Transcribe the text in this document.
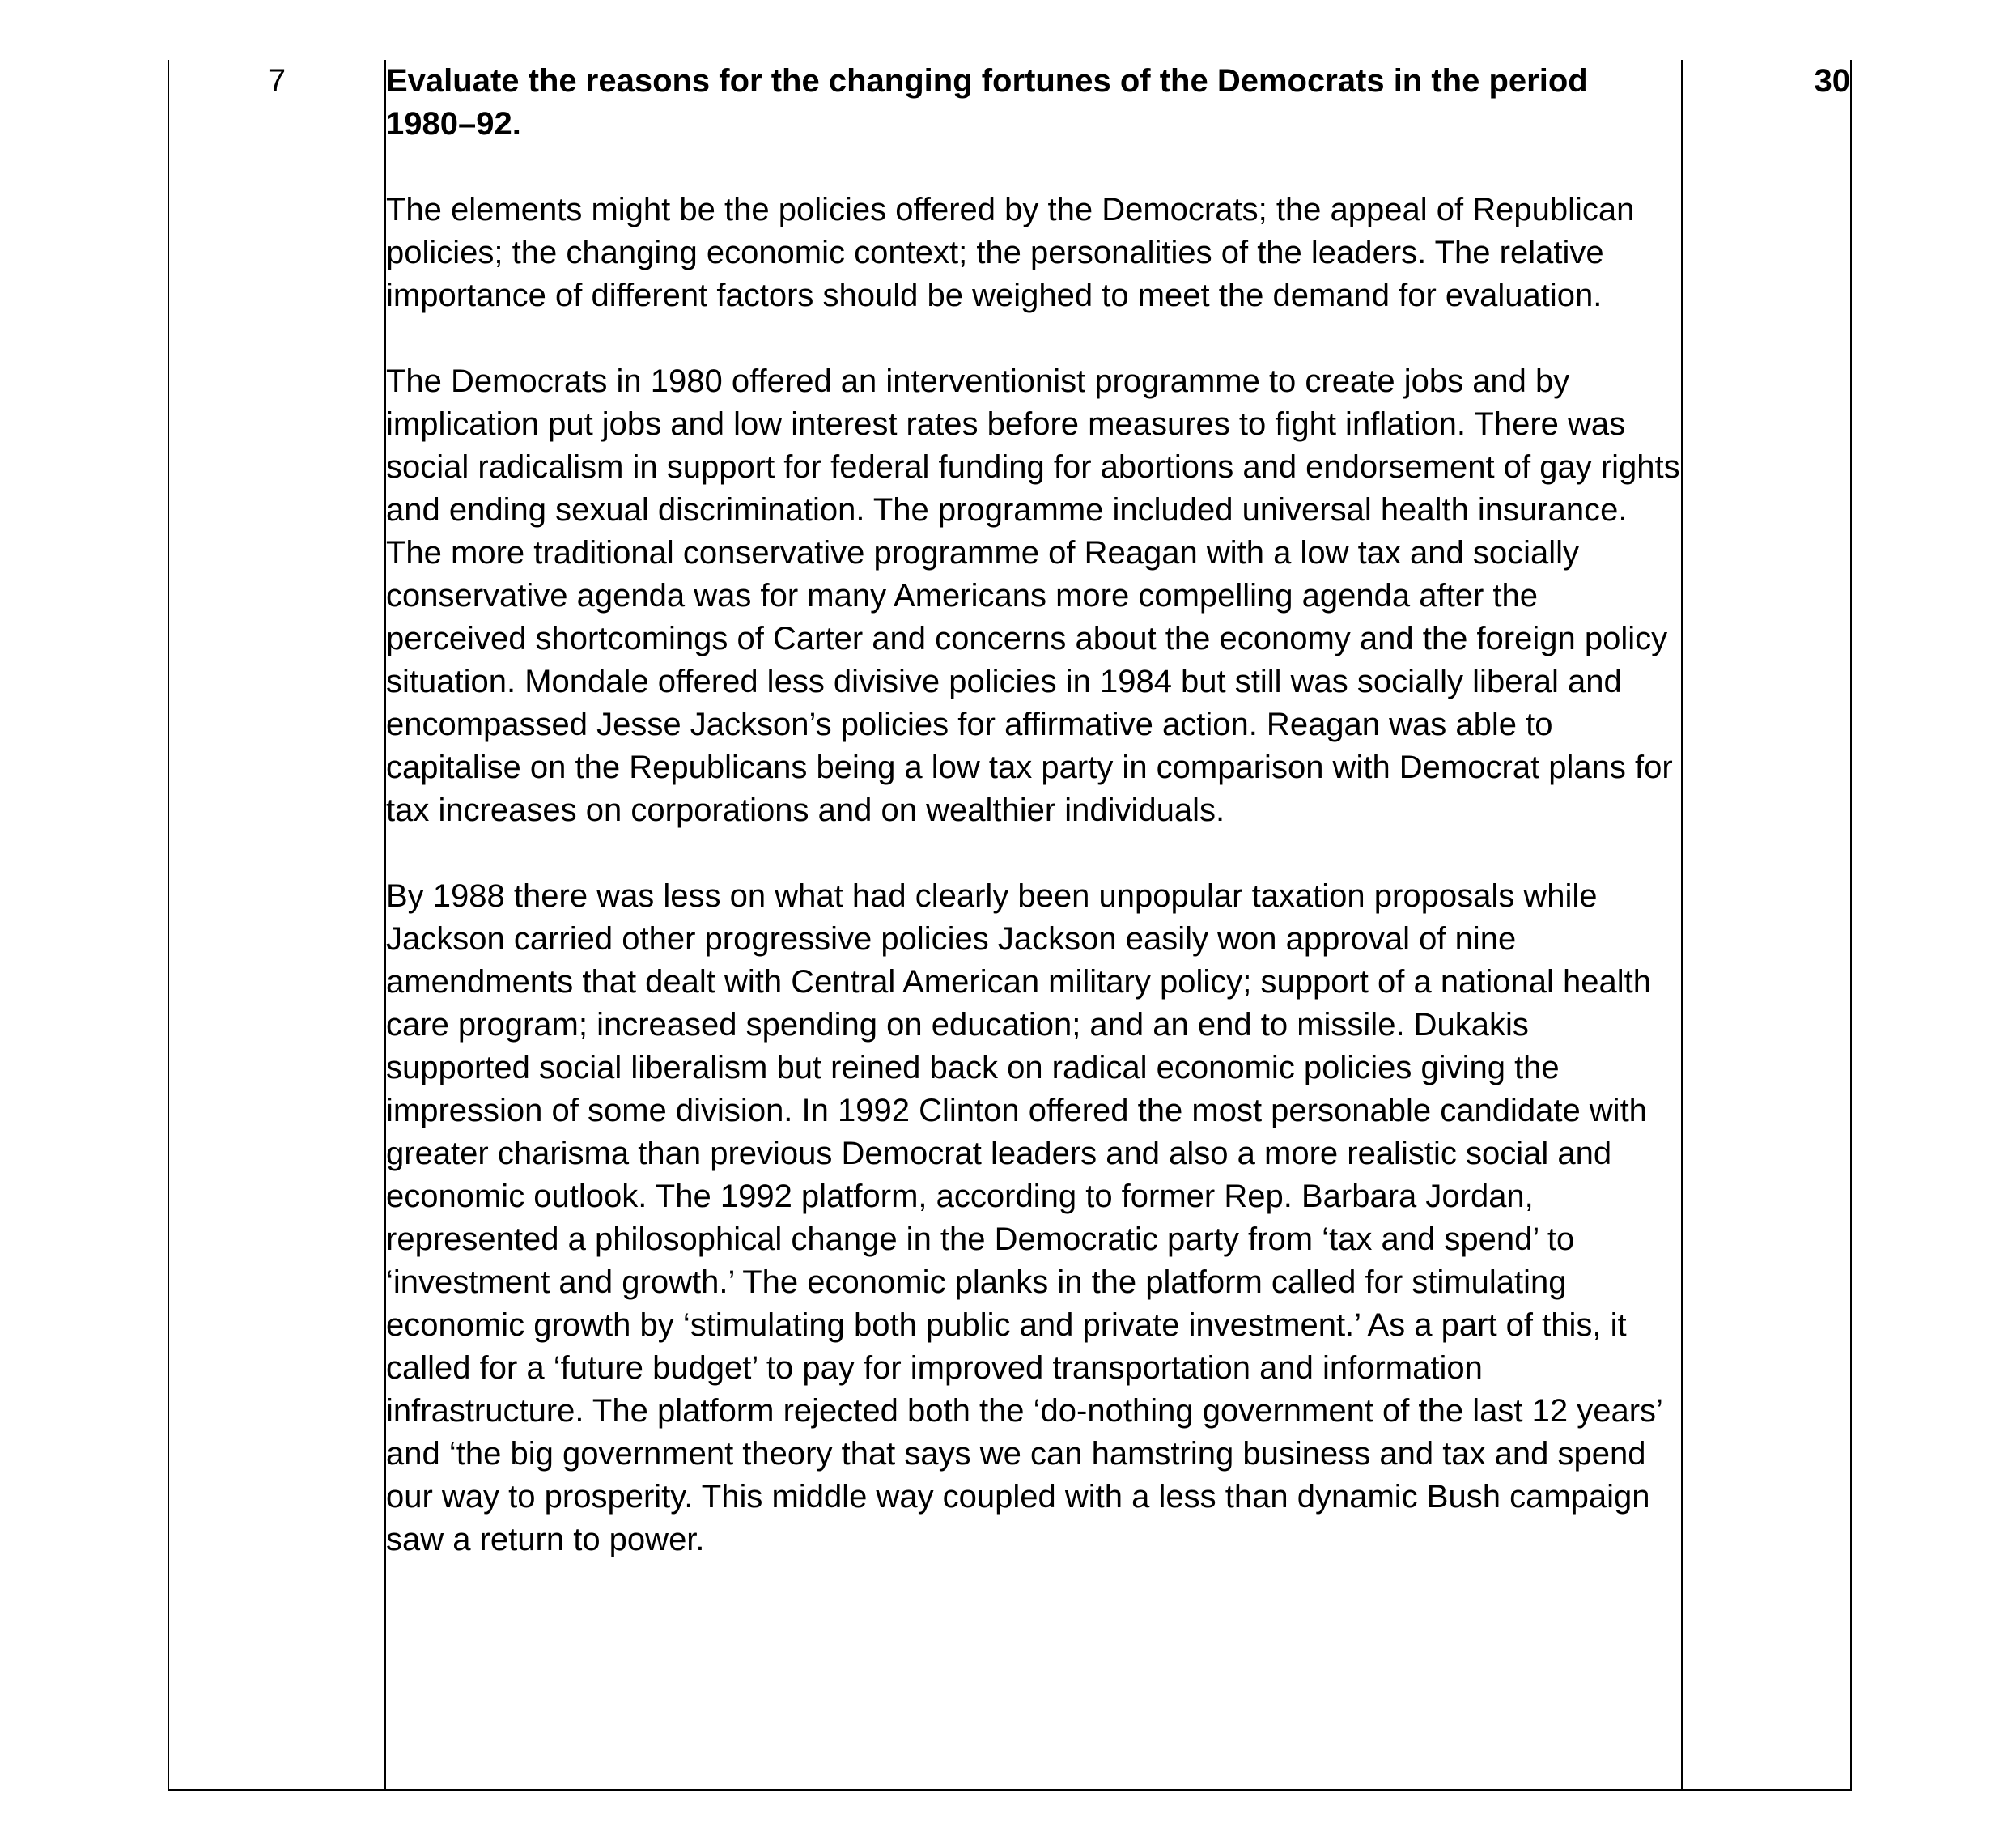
7	Evaluate the reasons for the changing fortunes of the Democrats in the period 1980–92.
The elements might be the policies offered by the Democrats; the appeal of Republican policies; the changing economic context; the personalities of the leaders. The relative importance of different factors should be weighed to meet the demand for evaluation.
The Democrats in 1980 offered an interventionist programme to create jobs and by implication put jobs and low interest rates before measures to fight inflation. There was social radicalism in support for federal funding for abortions and endorsement of gay rights and ending sexual discrimination. The programme included universal health insurance. The more traditional conservative programme of Reagan with a low tax and socially conservative agenda was for many Americans more compelling agenda after the perceived shortcomings of Carter and concerns about the economy and the foreign policy situation. Mondale offered less divisive policies in 1984 but still was socially liberal and encompassed Jesse Jackson’s policies for affirmative action. Reagan was able to capitalise on the Republicans being a low tax party in comparison with Democrat plans for tax increases on corporations and on wealthier individuals.
By 1988 there was less on what had clearly been unpopular taxation proposals while Jackson carried other progressive policies Jackson easily won approval of nine amendments that dealt with Central American military policy; support of a national health care program; increased spending on education; and an end to missile. Dukakis supported social liberalism but reined back on radical economic policies giving the impression of some division. In 1992 Clinton offered the most personable candidate with greater charisma than previous Democrat leaders and also a more realistic social and economic outlook. The 1992 platform, according to former Rep. Barbara Jordan, represented a philosophical change in the Democratic party from ‘tax and spend’ to ‘investment and growth.’ The economic planks in the platform called for stimulating economic growth by ‘stimulating both public and private investment.’ As a part of this, it called for a ‘future budget’ to pay for improved transportation and information infrastructure. The platform rejected both the ‘do-nothing government of the last 12 years’ and ‘the big government theory that says we can hamstring business and tax and spend our way to prosperity. This middle way coupled with a less than dynamic Bush campaign saw a return to power.
	30
